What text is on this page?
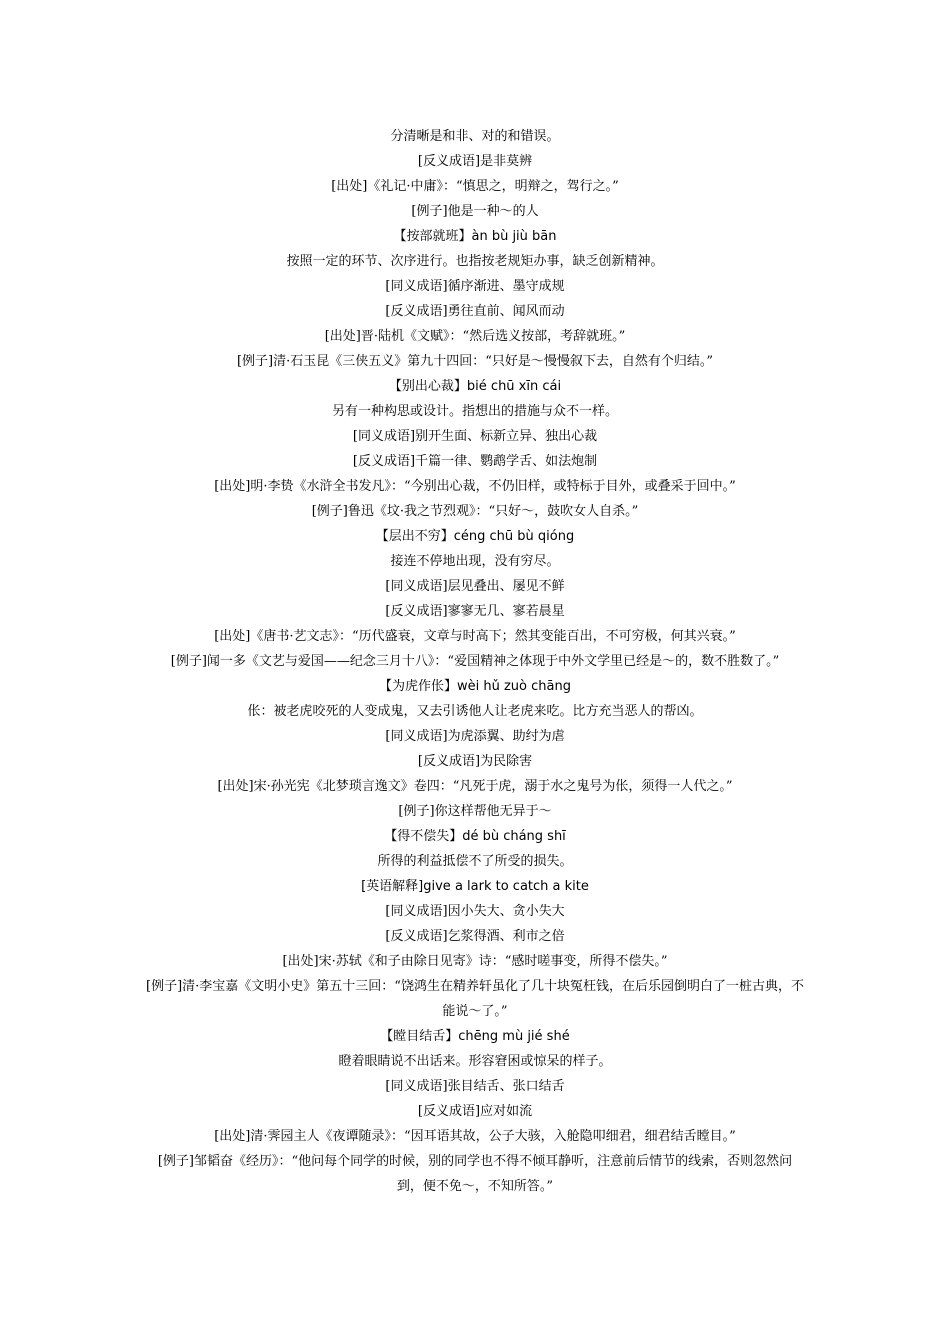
分清晰是和非、对的和错误。
[反义成语]是非莫辨
[出处]《礼记·中庸》：“慎思之，明辩之，驾行之。”
[例子]他是一种～的人
【按部就班】àn bù jiù bān
按照一定的环节、次序进行。也指按老规矩办事，缺乏创新精神。
[同义成语]循序渐进、墨守成规
[反义成语]勇往直前、闻风而动
[出处]晋·陆机《文赋》：“然后选义按部，考辞就班。”
[例子]清·石玉昆《三侠五义》第九十四回：“只好是～慢慢叙下去，自然有个归结。”
【别出心裁】bié chū xīn cái
另有一种构思或设计。指想出的措施与众不一样。
[同义成语]别开生面、标新立异、独出心裁
[反义成语]千篇一律、鹦鹉学舌、如法炮制
[出处]明·李贽《水浒全书发凡》：“今别出心裁，不仍旧样，或特标于目外，或叠采于回中。”
[例子]鲁迅《坟·我之节烈观》：“只好～，鼓吹女人自杀。”
【层出不穷】céng chū bù qióng
接连不停地出现，没有穷尽。
[同义成语]层见叠出、屡见不鲜
[反义成语]寥寥无几、寥若晨星
[出处]《唐书·艺文志》：“历代盛衰，文章与时高下；然其变能百出，不可穷极，何其兴衰。”
[例子]闻一多《文艺与爱国——纪念三月十八》：“爱国精神之体现于中外文学里已经是～的，数不胜数了。”
【为虎作伥】wèi hǔ zuò chāng
伥：被老虎咬死的人变成鬼，又去引诱他人让老虎来吃。比方充当恶人的帮凶。
[同义成语]为虎添翼、助纣为虐
[反义成语]为民除害
[出处]宋·孙光宪《北梦琐言逸文》卷四：“凡死于虎，溺于水之鬼号为伥，须得一人代之。”
[例子]你这样帮他无异于～
【得不偿失】dé bù cháng shī
所得的利益抵偿不了所受的损失。
[英语解释]give a lark to catch a kite
[同义成语]因小失大、贪小失大
[反义成语]乞浆得酒、利市之倍
[出处]宋·苏轼《和子由除日见寄》诗：“感时嗟事变，所得不偿失。”
[例子]清·李宝嘉《文明小史》第五十三回：“饶鸿生在精养轩虽化了几十块冤枉钱，在后乐园倒明白了一桩古典，不能说～了。”
【瞠目结舌】chēng mù jié shé
瞪着眼睛说不出话来。形容窘困或惊呆的样子。
[同义成语]张目结舌、张口结舌
[反义成语]应对如流
[出处]清·霁园主人《夜谭随录》：“因耳语其故，公子大骇，入舱隐叩细君，细君结舌瞠目。”
[例子]邹韬奋《经历》：“他问每个同学的时候，别的同学也不得不倾耳静听，注意前后情节的线索，否则忽然问到，便不免～，不知所答。”
